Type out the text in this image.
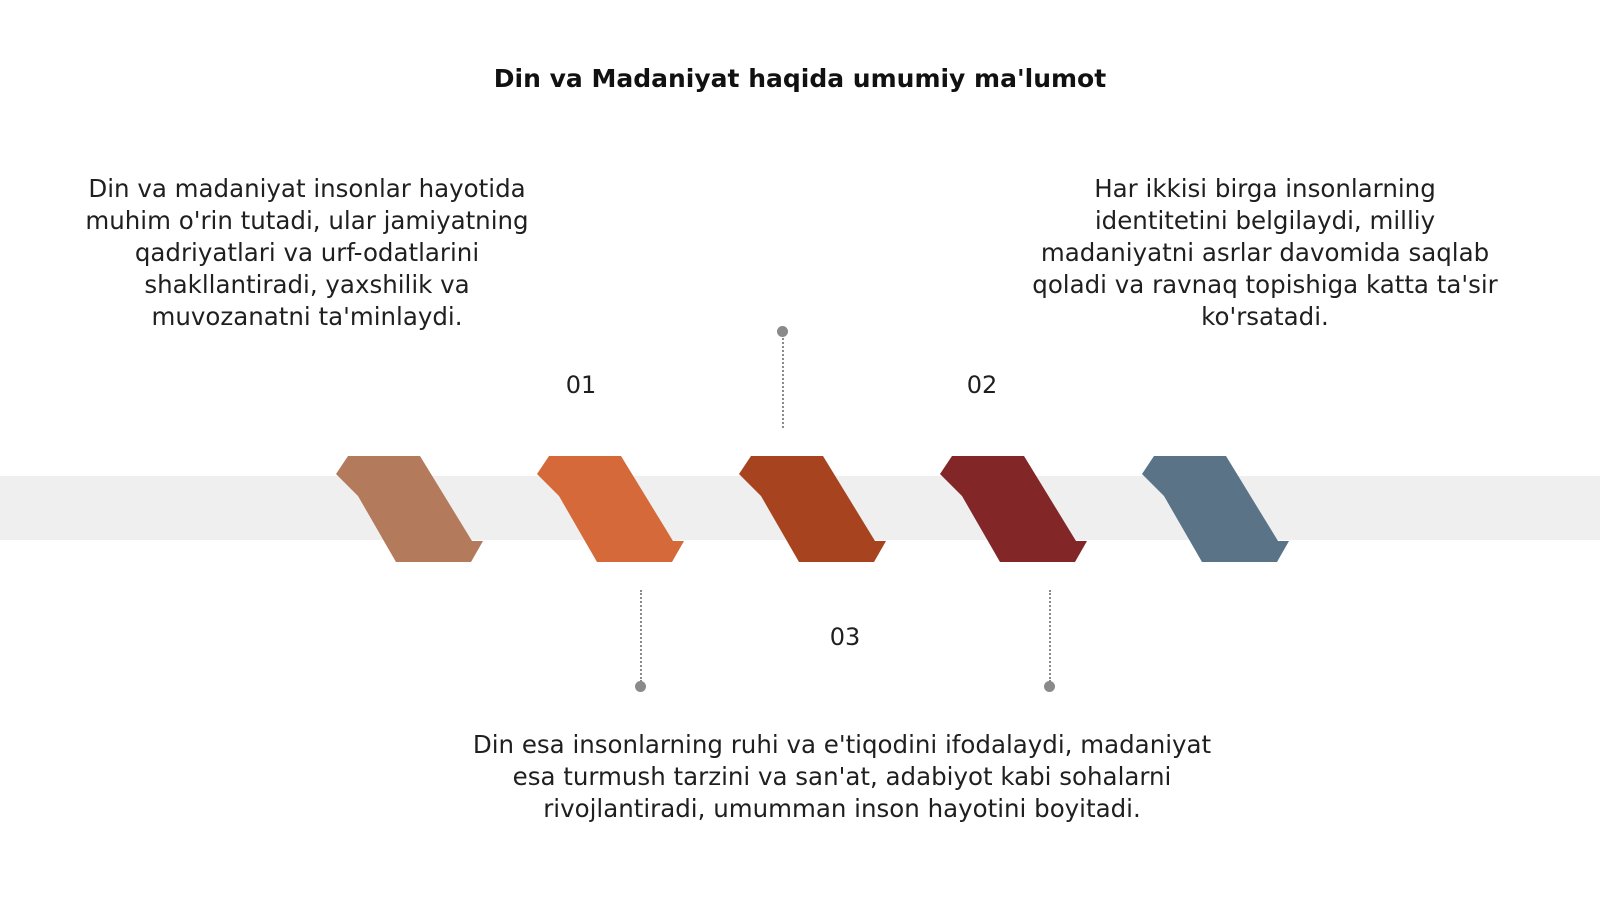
Din va Madaniyat haqida umumiy ma'lumot
Din va madaniyat insonlar hayotida muhim o'rin tutadi, ular jamiyatning qadriyatlari va urf-odatlarini shakllantiradi, yaxshilik va muvozanatni ta'minlaydi.
Har ikkisi birga insonlarning identitetini belgilaydi, milliy madaniyatni asrlar davomida saqlab qoladi va ravnaq topishiga katta ta'sir ko'rsatadi.
Din esa insonlarning ruhi va e'tiqodini ifodalaydi, madaniyat esa turmush tarzini va san'at, adabiyot kabi sohalarni rivojlantiradi, umumman inson hayotini boyitadi.
01	02
03
